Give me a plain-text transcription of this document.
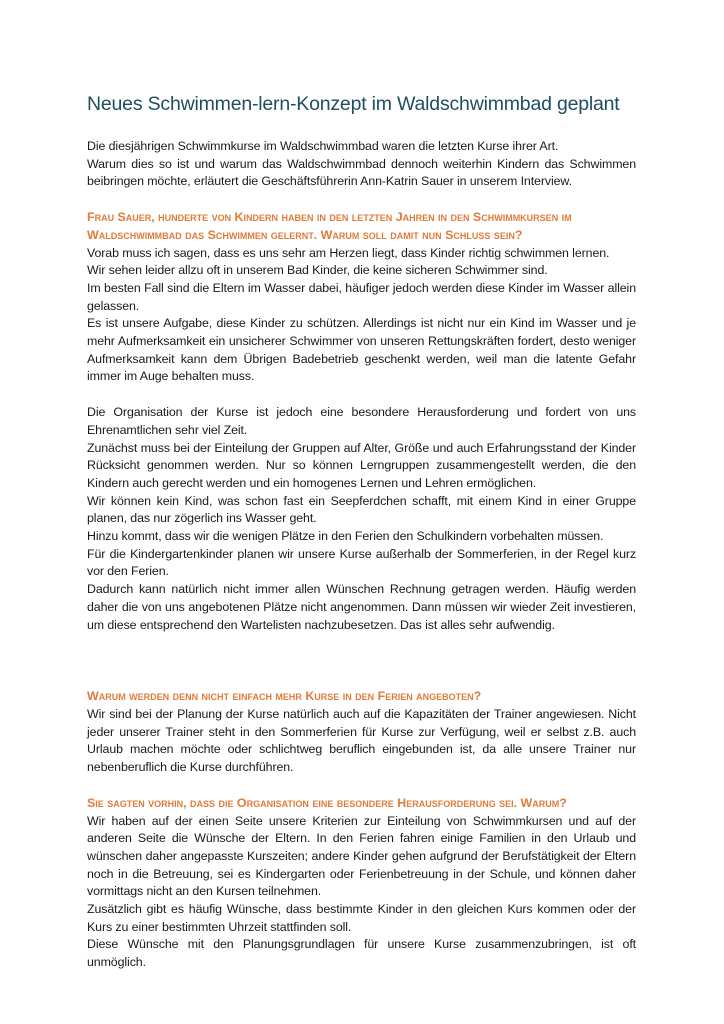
Neues Schwimmen-lern-Konzept im Waldschwimmbad geplant

Die diesjährigen Schwimmkurse im Waldschwimmbad waren die letzten Kurse ihrer Art.

Warum dies so ist und warum das Waldschwimmbad dennoch weiterhin Kindern das Schwimmen beibringen möchte, erläutert die Geschäftsführerin Ann-Katrin Sauer in unserem Interview.

Frau Sauer, hunderte von Kindern haben in den letzten Jahren in den Schwimmkursen im Waldschwimmbad das Schwimmen gelernt. Warum soll damit nun Schluss sein?

Vorab muss ich sagen, dass es uns sehr am Herzen liegt, dass Kinder richtig schwimmen lernen.

Wir sehen leider allzu oft in unserem Bad Kinder, die keine sicheren Schwimmer sind.

Im besten Fall sind die Eltern im Wasser dabei, häufiger jedoch werden diese Kinder im Wasser allein gelassen.

Es ist unsere Aufgabe, diese Kinder zu schützen. Allerdings ist nicht nur ein Kind im Wasser und je mehr Aufmerksamkeit ein unsicherer Schwimmer von unseren Rettungskräften fordert, desto weniger Aufmerksamkeit kann dem Übrigen Badebetrieb geschenkt werden, weil man die latente Gefahr immer im Auge behalten muss.

Die Organisation der Kurse ist jedoch eine besondere Herausforderung und fordert von uns Ehrenamtlichen sehr viel Zeit.

Zunächst muss bei der Einteilung der Gruppen auf Alter, Größe und auch Erfahrungsstand der Kinder Rücksicht genommen werden. Nur so können Lerngruppen zusammengestellt werden, die den Kindern auch gerecht werden und ein homogenes Lernen und Lehren ermöglichen.

Wir können kein Kind, was schon fast ein Seepferdchen schafft, mit einem Kind in einer Gruppe planen, das nur zögerlich ins Wasser geht.

Hinzu kommt, dass wir die wenigen Plätze in den Ferien den Schulkindern vorbehalten müssen.

Für die Kindergartenkinder planen wir unsere Kurse außerhalb der Sommerferien, in der Regel kurz vor den Ferien.

Dadurch kann natürlich nicht immer allen Wünschen Rechnung getragen werden. Häufig werden daher die von uns angebotenen Plätze nicht angenommen. Dann müssen wir wieder Zeit investieren, um diese entsprechend den Wartelisten nachzubesetzen. Das ist alles sehr aufwendig.

Warum werden denn nicht einfach mehr Kurse in den Ferien angeboten?

Wir sind bei der Planung der Kurse natürlich auch auf die Kapazitäten der Trainer angewiesen. Nicht jeder unserer Trainer steht in den Sommerferien für Kurse zur Verfügung, weil er selbst z.B. auch Urlaub machen möchte oder schlichtweg beruflich eingebunden ist, da alle unsere Trainer nur nebenberuflich die Kurse durchführen.

Sie sagten vorhin, dass die Organisation eine besondere Herausforderung sei. Warum?

Wir haben auf der einen Seite unsere Kriterien zur Einteilung von Schwimmkursen und auf der anderen Seite die Wünsche der Eltern. In den Ferien fahren einige Familien in den Urlaub und wünschen daher angepasste Kurszeiten; andere Kinder gehen aufgrund der Berufstätigkeit der Eltern noch in die Betreuung, sei es Kindergarten oder Ferienbetreuung in der Schule, und können daher vormittags nicht an den Kursen teilnehmen.

Zusätzlich gibt es häufig Wünsche, dass bestimmte Kinder in den gleichen Kurs kommen oder der Kurs zu einer bestimmten Uhrzeit stattfinden soll.

Diese Wünsche mit den Planungsgrundlagen für unsere Kurse zusammenzubringen, ist oft unmöglich.
